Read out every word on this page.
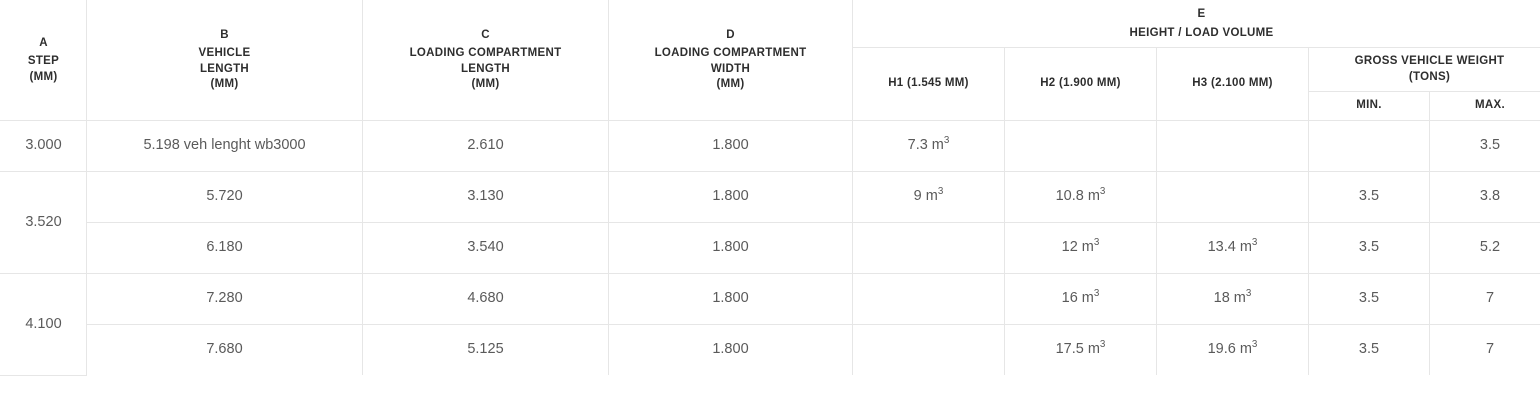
A
STEP
(MM)	B
VEHICLE
LENGTH
(MM)	C
LOADING COMPARTMENT
LENGTH
(MM)	D
LOADING COMPARTMENT
WIDTH
(MM)	E
HEIGHT / LOAD VOLUME				

				H1 (1.545 MM)	H2 (1.900 MM)	H3 (2.100 MM)	GROSS VEHICLE WEIGHT
(TONS)	

							MIN.	MAX.
3.000	5.198 veh lenght wb3000	2.610	1.800	7.3 $m^3$				3.5
3.520	5.720	3.130	1.800	9 $m^3$	10.8 $m^3$		3.5	3.8
	6.180	3.540	1.800		12 $m^3$	13.4 $m^3$	3.5	5.2
4.100	7.280	4.680	1.800		16 $m^3$	18 $m^3$	3.5	7
	7.680	5.125	1.800		17.5 $m^3$	19.6 $m^3$	3.5	7
